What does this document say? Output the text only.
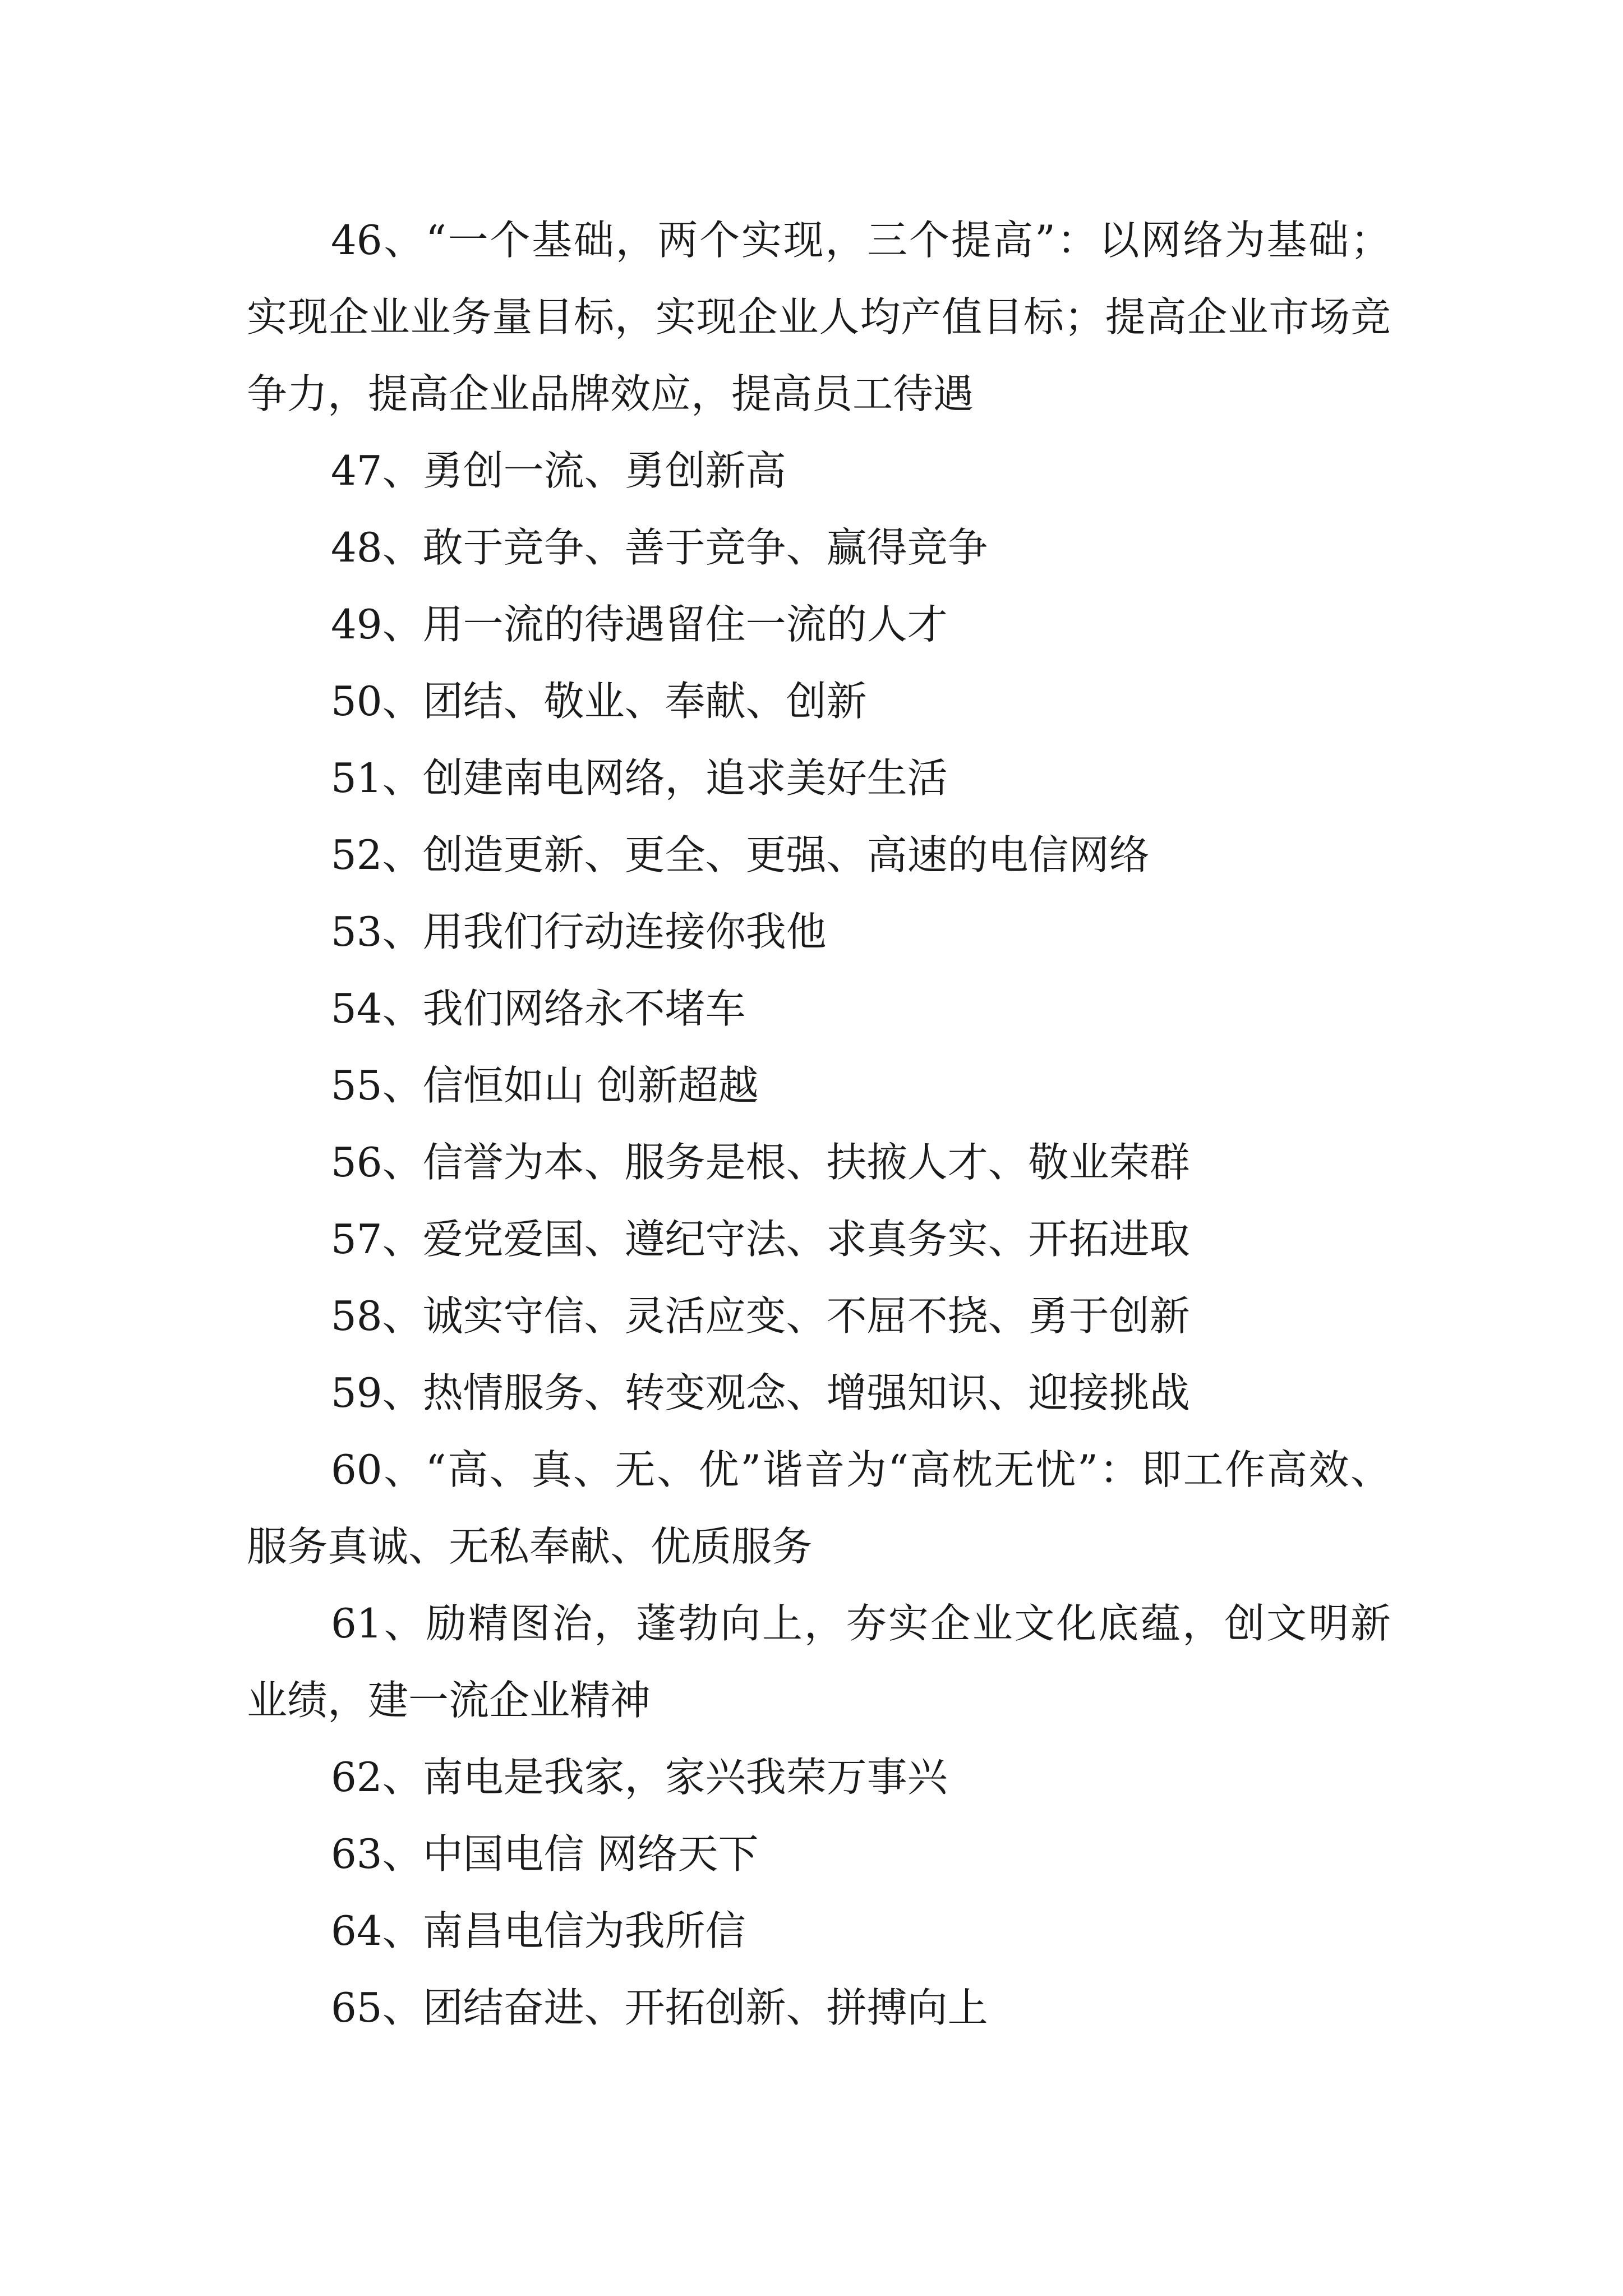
46、“一个基础，两个实现，三个提高”：以网络为基础；实现企业业务量目标，实现企业人均产值目标；提高企业市场竞争力，提高企业品牌效应，提高员工待遇

47、勇创一流、勇创新高

48、敢于竞争、善于竞争、赢得竞争

49、用一流的待遇留住一流的人才

50、团结、敬业、奉献、创新

51、创建南电网络，追求美好生活

52、创造更新、更全、更强、高速的电信网络

53、用我们行动连接你我他

54、我们网络永不堵车

55、信恒如山 创新超越

56、信誉为本、服务是根、扶掖人才、敬业荣群

57、爱党爱国、遵纪守法、求真务实、开拓进取

58、诚实守信、灵活应变、不屈不挠、勇于创新

59、热情服务、转变观念、增强知识、迎接挑战

60、“高、真、无、优”谐音为“高枕无忧”：即工作高效、服务真诚、无私奉献、优质服务

61、励精图治，蓬勃向上，夯实企业文化底蕴，创文明新业绩，建一流企业精神

62、南电是我家，家兴我荣万事兴

63、中国电信 网络天下

64、南昌电信为我所信

65、团结奋进、开拓创新、拼搏向上
